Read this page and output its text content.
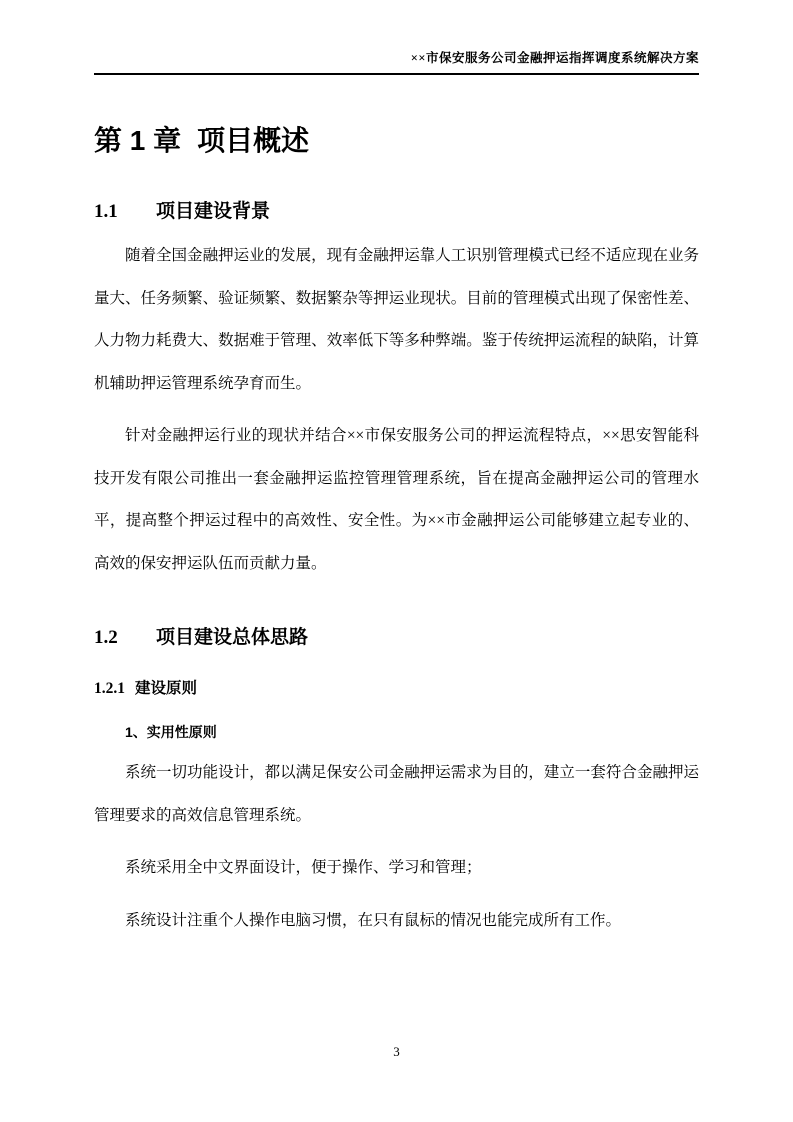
××市保安服务公司金融押运指挥调度系统解决方案
第 1 章 项目概述
1.1	项目建设背景

随着全国金融押运业的发展，现有金融押运靠人工识别管理模式已经不适应现在业务量大、任务频繁、验证频繁、数据繁杂等押运业现状。目前的管理模式出现了保密性差、人力物力耗费大、数据难于管理、效率低下等多种弊端。鉴于传统押运流程的缺陷，计算机辅助押运管理系统孕育而生。

针对金融押运行业的现状并结合××市保安服务公司的押运流程特点，××思安智能科技开发有限公司推出一套金融押运监控管理管理系统，旨在提高金融押运公司的管理水平，提高整个押运过程中的高效性、安全性。为××市金融押运公司能够建立起专业的、高效的保安押运队伍而贡献力量。

1.2	项目建设总体思路
1.2.1 建设原则
1、实用性原则

系统一切功能设计，都以满足保安公司金融押运需求为目的，建立一套符合金融押运管理要求的高效信息管理系统。

系统采用全中文界面设计，便于操作、学习和管理；

系统设计注重个人操作电脑习惯，在只有鼠标的情况也能完成所有工作。

3
